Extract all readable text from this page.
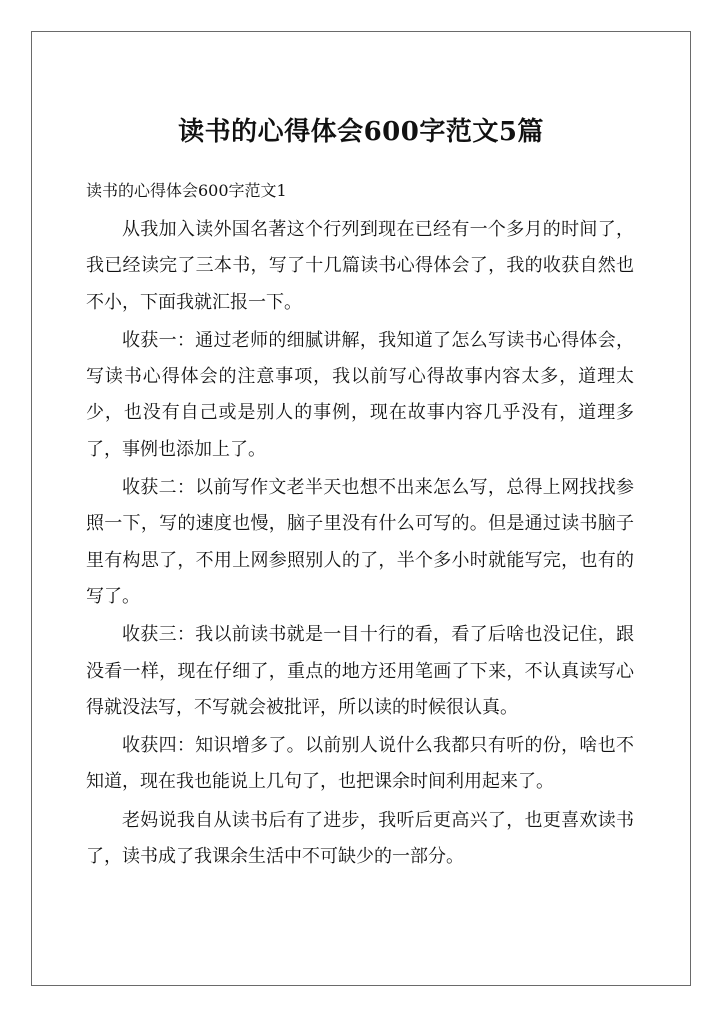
读书的心得体会600字范文5篇
读书的心得体会600字范文1

从我加入读外国名著这个行列到现在已经有一个多月的时间了，我已经读完了三本书，写了十几篇读书心得体会了，我的收获自然也不小，下面我就汇报一下。

收获一：通过老师的细腻讲解，我知道了怎么写读书心得体会，写读书心得体会的注意事项，我以前写心得故事内容太多，道理太少，也没有自己或是别人的事例，现在故事内容几乎没有，道理多了，事例也添加上了。

收获二：以前写作文老半天也想不出来怎么写，总得上网找找参照一下，写的速度也慢，脑子里没有什么可写的。但是通过读书脑子里有构思了，不用上网参照别人的了，半个多小时就能写完，也有的写了。

收获三：我以前读书就是一目十行的看，看了后啥也没记住，跟没看一样，现在仔细了，重点的地方还用笔画了下来，不认真读写心得就没法写，不写就会被批评，所以读的时候很认真。

收获四：知识增多了。以前别人说什么我都只有听的份，啥也不知道，现在我也能说上几句了，也把课余时间利用起来了。

老妈说我自从读书后有了进步，我听后更高兴了，也更喜欢读书了，读书成了我课余生活中不可缺少的一部分。
